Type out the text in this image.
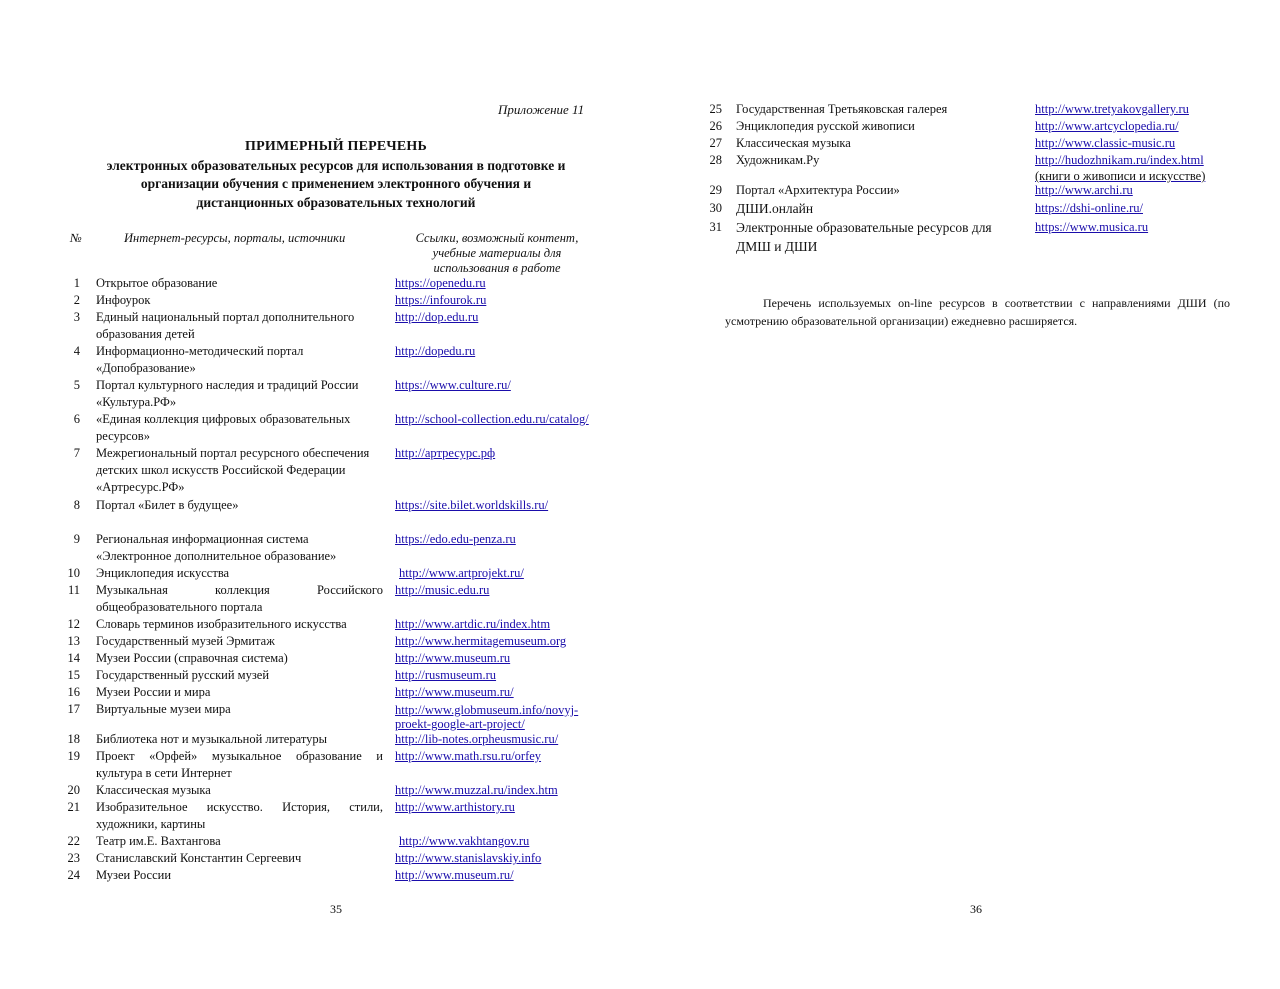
Приложение 11
ПРИМЕРНЫЙ ПЕРЕЧЕНЬ
электронных образовательных ресурсов для использования в подготовке и
организации обучения с применением электронного обучения и
дистанционных образовательных технологий
№	Интернет-ресурсы, порталы, источники	Ссылки, возможный контент, учебные материалы для использования в работе
1 Открытое образование	https://openedu.ru
2 Инфоурок	https://infourok.ru
3 Единый национальный портал дополнительного образования детей
http://dop.edu.ru
4 Информационно-методический портал «Допобразование»
http://dopedu.ru
5 Портал культурного наследия и традиций России «Культура.РФ»
https://www.culture.ru/
6 «Единая коллекция цифровых образовательных ресурсов»
http://school-collection.edu.ru/catalog/
7 Межрегиональный портал ресурсного обеспечения детских школ искусств Российской Федерации «Артресурс.РФ»
http://артресурс.рф
8 Портал «Билет в будущее»	https://site.bilet.worldskills.ru/
9 Региональная информационная система «Электронное дополнительное образование»
https://edo.edu-penza.ru
10 Энциклопедия искусства	http://www.artprojekt.ru/
11 Музыкальная коллекция Российского
общеобразовательного портала
http://music.edu.ru
12 Словарь терминов изобразительного искусства	http://www.artdic.ru/index.htm
13 Государственный музей Эрмитаж	http://www.hermitagemuseum.org
14 Музеи России (справочная система)	http://www.museum.ru
15 Государственный русский музей	http://rusmuseum.ru
16 Музеи России и мира	http://www.museum.ru/
17 Виртуальные музеи мира	http://www.globmuseum.info/novyj-
proekt-google-art-project/
18 Библиотека нот и музыкальной литературы	http://lib-notes.orpheusmusic.ru/
19 Проект «Орфей» музыкальное образование и
культура в сети Интернет
http://www.math.rsu.ru/orfey
20 Классическая музыка	http://www.muzzal.ru/index.htm
21 Изобразительное искусство. История, стили,
художники, картины
http://www.arthistory.ru
22 Театр им.Е. Вахтангова	http://www.vakhtangov.ru
23 Станиславский Константин Сергеевич	http://www.stanislavskiy.info
24 Музеи России	http://www.museum.ru/
35
25 Государственная Третьяковская галерея	http://www.tretyakovgallery.ru
26 Энциклопедия русской живописи	http://www.artcyclopedia.ru/
27 Классическая музыка	http://www.classic-music.ru
28 Художникам.Ру	http://hudozhnikam.ru/index.html
(книги о живописи и искусстве)
29 Портал «Архитектура России»	http://www.archi.ru
30 ДШИ.онлайн	https://dshi-online.ru/
31 Электронные образовательные ресурсов для ДМШ и ДШИ
https://www.musica.ru
Перечень используемых on-line ресурсов в соответствии с направлениями ДШИ (по усмотрению образовательной организации) ежедневно расширяется.
36
